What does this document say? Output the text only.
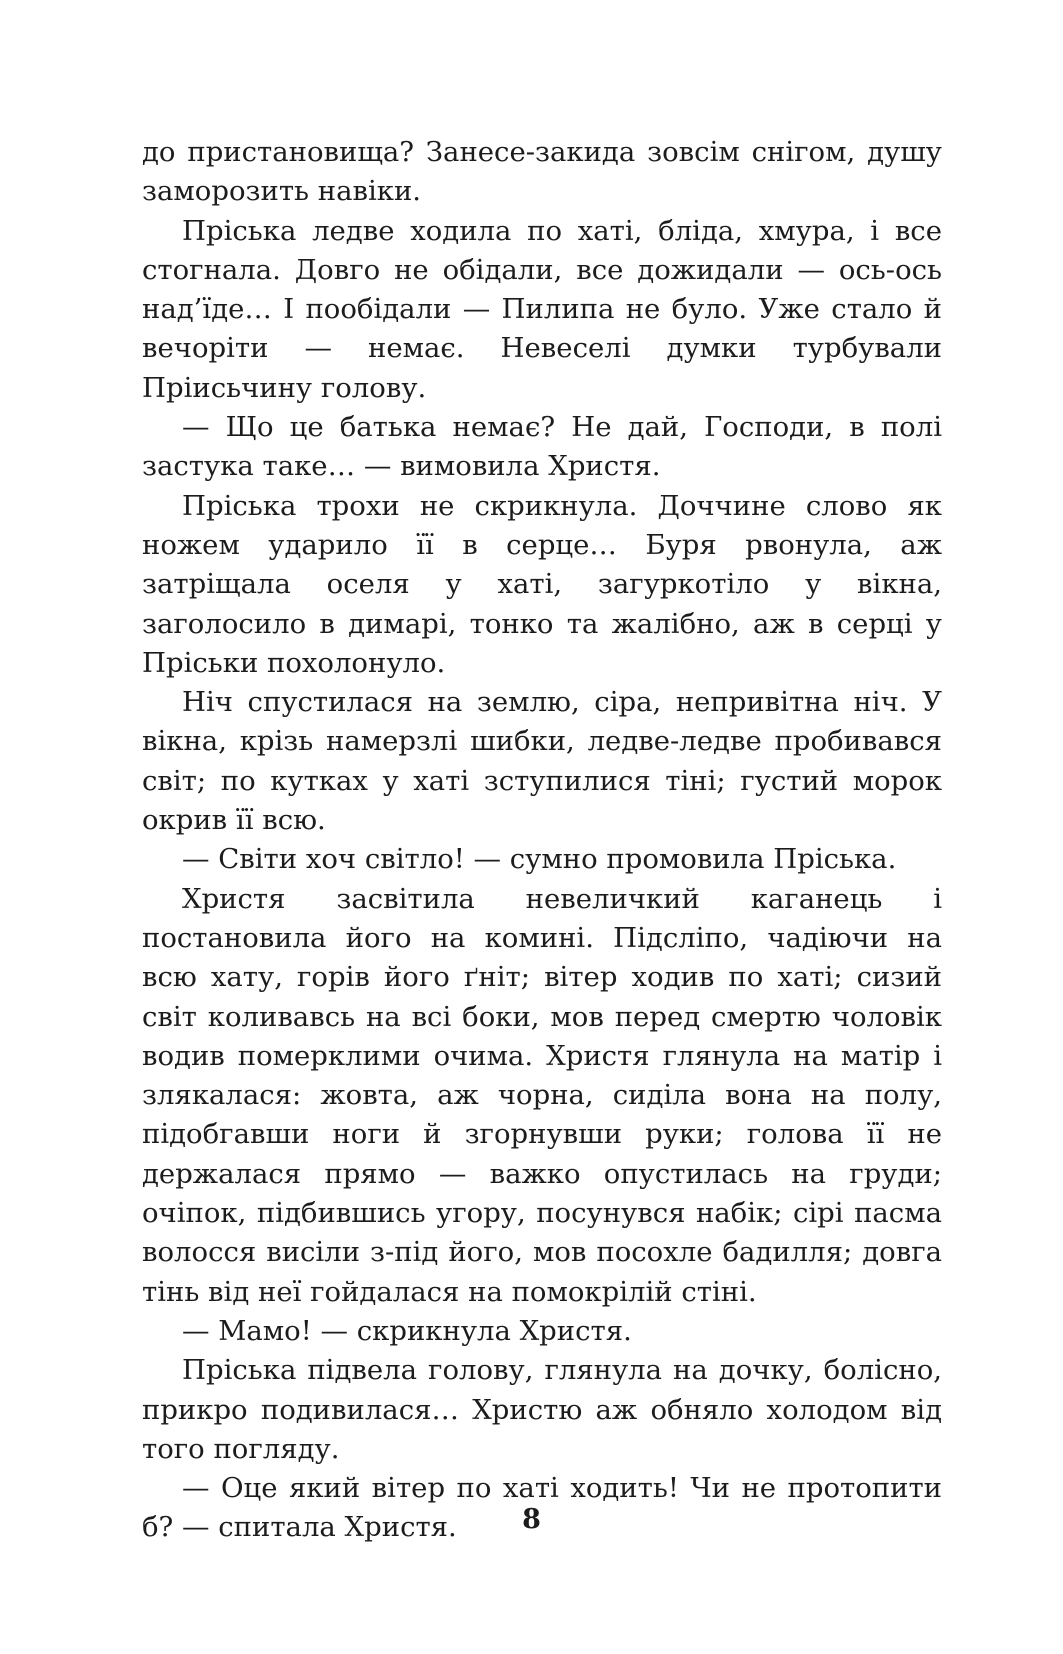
до пристановища? Занесе-закида зовсім снігом, душу заморозить навіки.

Пріська ледве ходила по хаті, бліда, хмура, і все стогнала. Довго не обідали, все дожидали — ось-ось над’їде… І пообідали — Пилипа не було. Уже стало й вечоріти — немає. Невеселі думки турбували Пріисьчину голову.

— Що це батька немає? Не дай, Господи, в полі застука таке… — вимовила Христя.

Пріська трохи не скрикнула. Доччине слово як ножем ударило її в серце… Буря рвонула, аж затріщала оселя у хаті, загуркотіло у вікна, заголосило в димарі, тонко та жалібно, аж в серці у Пріськи похолонуло.

Ніч спустилася на землю, сіра, непривітна ніч. У вікна, крізь намерзлі шибки, ледве-ледве пробивався світ; по кутках у хаті зступилися тіні; густий морок окрив її всю.

— Світи хоч світло! — сумно промовила Пріська.

Христя засвітила невеличкий каганець і постановила його на комині. Підсліпо, чадіючи на всю хату, горів його ґніт; вітер ходив по хаті; сизий світ коливавсь на всі боки, мов перед смертю чоловік водив померклими очима. Христя глянула на матір і злякалася: жовта, аж чорна, сиділа вона на полу, підобгавши ноги й згорнувши руки; голова її не держалася прямо — важко опустилась на груди; очіпок, підбившись угору, посунувся набік; сірі пасма волосся висіли з-під його, мов посохле бадилля; довга тінь від неї гойдалася на помокрілій стіні.

— Мамо! — скрикнула Христя.

Пріська підвела голову, глянула на дочку, болісно, прикро подивилася… Христю аж обняло холодом від того погляду.

— Оце який вітер по хаті ходить! Чи не протопити б? — спитала Христя.	8
